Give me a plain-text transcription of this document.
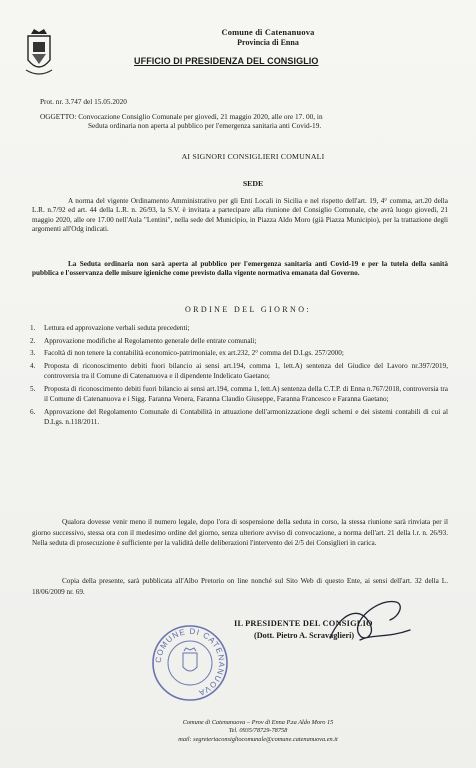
Comune di Catenanuova
Provincia di Enna
UFFICIO DI PRESIDENZA DEL CONSIGLIO
Prot. nr. 3.747 del 15.05.2020
OGGETTO: Convocazione Consiglio Comunale per giovedì, 21 maggio 2020, alle ore 17. 00, in
Seduta ordinaria non aperta al pubblico per l'emergenza sanitaria anti Covid-19.
AI SIGNORI CONSIGLIERI COMUNALI
SEDE
A norma del vigente Ordinamento Amministrativo per gli Enti Locali in Sicilia e nel rispetto dell'art. 19, 4° comma, art.20 della L.R. n.7/92 ed art. 44 della L.R. n. 26/93, la S.V. è invitata a partecipare alla riunione del Consiglio Comunale, che avrà luogo giovedì, 21 maggio 2020, alle ore 17.00 nell'Aula "Lentini", nella sede del Municipio, in Piazza Aldo Moro (già Piazza Municipio), per la trattazione degli argomenti all'Odg indicati.
La Seduta ordinaria non sarà aperta al pubblico per l'emergenza sanitaria anti Covid-19 e per la tutela della sanità pubblica e l'osservanza delle misure igieniche come previsto dalla vigente normativa emanata dal Governo.
ORDINE DEL GIORNO:
1.	Lettura ed approvazione verbali seduta precedenti;
2.	Approvazione modifiche al Regolamento generale delle entrate comunali;
3.	Facoltà di non tenere la contabilità economico-patrimoniale, ex art.232, 2° comma del D.Lgs. 257/2000;
4.	Proposta di riconoscimento debiti fuori bilancio ai sensi art.194, comma 1, lett.A) sentenza del Giudice del Lavoro nr.397/2019, controversia tra il Comune di Catenanuova e il dipendente Indelicato Gaetano;
5.	Proposta di riconoscimento debiti fuori bilancio ai sensi art.194, comma 1, lett.A) sentenza della C.T.P. di Enna n.767/2018, controversia tra il Comune di Catenanuova e i Sigg. Faranna Venera, Faranna Claudio Giuseppe, Faranna Francesco e Faranna Gaetano;
6.	Approvazione del Regolamento Comunale di Contabilità in attuazione dell'armonizzazione degli schemi e dei sistemi contabili di cui al D.Lgs. n.118/2011.
Qualora dovesse venir meno il numero legale, dopo l'ora di sospensione della seduta in corso, la stessa riunione sarà rinviata per il giorno successivo, stessa ora con il medesimo ordine del giorno, senza ulteriore avviso di convocazione, a norma dell'art. 21 della l.r. n. 26/93. Nella seduta di prosecuzione è sufficiente per la validità delle deliberazioni l'intervento dei 2/5 dei Consiglieri in carica.
Copia della presente, sarà pubblicata all'Albo Pretorio on line nonché sul Sito Web di questo Ente, ai sensi dell'art. 32 della L. 18/06/2009 nr. 69.
IL PRESIDENTE DEL CONSIGLIO
(Dott. Pietro A. Scravaglieri)
COMUNE DI CATENANUOVA
Comune di Catenanuova – Prov di Enna P.za Aldo Moro 15
Tel. 0935/78729-78758
mail: segreteriaconsigliocomunale@comune.catenanuova.en.it
